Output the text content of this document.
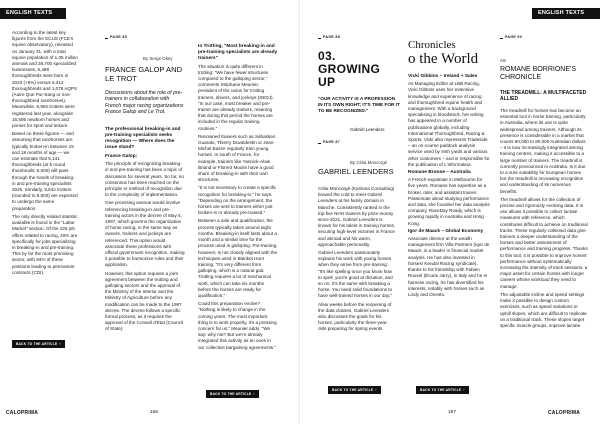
ENGLISH TEXTS

According to the latest key figures from the ECUS (FCE's equine observatory), released on January 31, with a total equine population of 1,05 million animals and 36,700 specialized businesses, 6,488 thoroughbreds were born in 2023 (+5%) versus 5,412 thoroughbreds and 1,076 AQPS (Autre Que Pur-Sang or non-thoroughbred racehorses). Meanwhile, 8,992 trotters were registered last year, alongside 16,595 newborn horses and ponies for sport and leisure.

Based on these figures — and assuming that racehorses are typically broken-in between 15 and 18 months of age — we can estimate that 5,141 thoroughbreds (at 5 round thumbnails: 5,000) will pass through the hands of breaking-in and pre-training specialists 2025. Similarly, 8,542 trotters (rounded to 8,500) are expected to undergo the same preparation.

The only directly related statistic available is found in the "Labor Market" section. Of the 228 job offers related to racing, 40% are specifically for jobs specializing in breaking-in and pre-training. This by far the most promising sector, with 94% of these positions leading to permanent contracts (CDI).

BACK TO THE ARTICLE ›
PAGE 85
By Serge Okey
FRANCE GALOP AND LE TROT
Discussions about the role of pre-trainers in collaboration with French major racing organizations France Galop and Le Trot.
The professional breaking-in and pre-training specialists seeks recognition — Where does the issue stand?
France Galop:

The principle of recognizing breaking-in and pre-training has been a topic of discussion for several years. So far, no consensus has been reached on the principle or method of recognition due to the complexity of implementation.

One promising avenue would involve referencing breaking-in and pre-training actors in the decree of May 5, 1997, which governs the organization of horse racing, in the same way as owners, trainers and jockeys are referenced. This option would associate these professions with official government recognition, making it possible to harmonize rules and their application.

However, this option requires a joint agreement between the trotting and galloping sectors and the approval of the Ministry of the Interior and the Ministry of Agriculture before any modification can be made to the 1997 decree. The decree follows a specific formal process, as it requires the approval of the Conseil d'État (Council of State).

In Trotting, "Most breaking-in and pre-training specialists are already trainers"

The situation is quite different in trotting: "We have fewer structures compared to the galloping sector," comments Stéphane Meunier, president of the union for trotting trainers, drivers, and jockeys (SEDJ). "In our case, most breaker and pre-trainer are already trainers, meaning that during this period the horses are included in the regular training routines."

Renowned trainers such as Sébastien Guarato, Thierry Duvaldestin or Jean-Michel Bazire regularly train young horses. In south of France, for example, trainers like Yannick-Alain Briand or Florent Moulin have a good share of breaking-in with their own structures.

"It is not necessary to create a specific recognition for breaking-in," he says. "Depending on the arrangement, the horses are sent to trainers either just broken-in or already pre-trained."

Between a sale and qualification, the process typically takes around eight months. Breaking-in itself lasts about a month and a similar time for the process used in galloping. Pre-training, however, is not closely aligned with the techniques used in Blanket Hunt training. "It's very different from galloping, which is a natural gait. Trotting requires a lot of mechanical work, which can take six months before the horses are ready for qualification."

Could this preparation evolve? "Nothing is likely to change in the coming years. The most important thing is to work properly, it's a pressing concern for us," Meunier adds. "We say: why not? But we're already integrated this activity as an ones in our collective bargaining agreements."

BACK TO THE ARTICLE ›
CALOPRIMA	166
ENGLISH TEXTS
PAGE 88
03.
GROWING
UP
"OUR ACTIVITY IS A PROFESSION IN ITS OWN RIGHT; IT'S TIME FOR IT TO BE RECOGNIZED."
Gabriel Leenders
PAGE 87
By Célia Moncorgé
GABRIEL LEENDERS

Célia Moncorgé (Karisma Consulting) braved the cold to meet Gabriel Leenders at his family domain in Manche. Consistently ranked in the top five NHH trainers by prize-money since 2021, Gabriel Leenders is known for his talent in training horses, securing high-level victories in France and abroad and his warm, approachable personality.

Gabriel Leenders passionately explains his work with young horses when they arrive from pre-training: "It's like spelling once you know how to spell, you're good at dictation, and so on. It's the same with breaking a horse. You need solid foundations to have well-trained horses in our day."

Afew weeks before the reopening of the data classes, Gabriel Leenders also discusses the goals for his horses, particularly the three-year-olds preparing for spring events.

BACK TO THE ARTICLE ›
Chronicles
o the World
Vicki Gibbins – Ireland + Sales

As Managing Editor at LBB Racing, Vicki Gibbins uses her extensive knowledge and experience of racing and thoroughbred equine health and management. With a background specialising in bloodstock, her writing has appeared in a number of publications globally, including International Thoroughbred, Racing & Sports. Vicki also represents Tradeside – an on-course paddock analysis service used by Irish yards and various other customers – and is responsible for the publication of L'Informateur.

Romane Bronne – Australia

A French expatriate in Melbourne for five years, Romane has expertise as a broker, rider, and assistant trainer. Passionate about studying performance and data, she founded her data analysis company, RaceDay Ready, which is growing rapidly in Australia and Hong Kong.

Igor de Maack – Global Economy

Associate director at the wealth management firm Villa Partners (Igor de Maack, is a leader in financial market analysis. He has also invested in horses! Kendal Racing syndicate), thanks to his friendship with Fabien Rouxel (Écurie Jarry), in Italy and he in harness racing, he has diversified his interests, notably with horses such as Lindy and Onesto.

BACK TO THE ARTICLE ›
PAGE 90
AS
ROMANE BORRIONE'S CHRONICLE
THE TREADMILL: A MULTIFACETED ALLIED

The treadmill for horses has become an essential tool in horse training, particularly in Australia, where its use is quite widespread among trainers. Although its presence is considerable in a market that counts 80,000 to 80,000 Australian dollars – it is now increasingly integrated among training centres, making it accessible to a large number of trainers. The treadmill is currently pronounced in Australia. Is it due to a sure suitability for European horses but the treadmill is increasing recognition and understanding of its numerous benefits.

The treadmill allows for the collection of precise and rigorously evolving data. It is use allows it possible to collect lactate measures with reference, which contributes difficult to achieve on traditional tracks. These regularly collected data give trainers a deeper understanding of the horses and better assessment of performance and training progress. Thanks to this tool, it is possible to improve horses' performance without systematically increasing the intensity of track sessions, a major asset for certain horses with longer careers whose workload they need to manage.

The adjustable incline and speed settings make it possible to design custom exercises, such as speed variations or uphill slopes, which are difficult to replicate on a traditional track. These slopes target specific muscle groups, improve lactate

167	CALOPRIMA
